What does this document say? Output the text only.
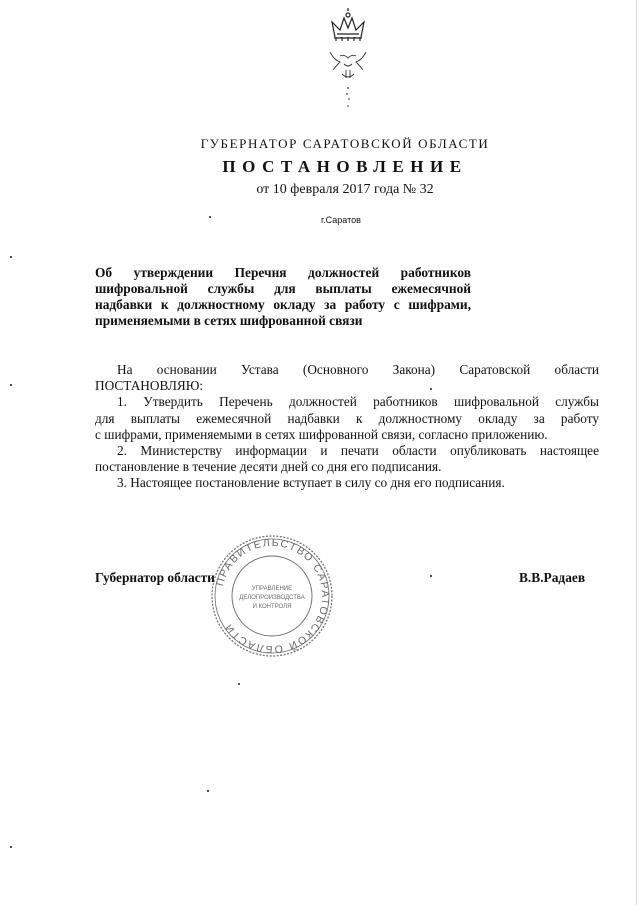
ГУБЕРНАТОР САРАТОВСКОЙ ОБЛАСТИ
ПОСТАНОВЛЕНИЕ
от 10 февраля 2017 года № 32
г.Саратов
Об утверждении Перечня должностей работников
шифровальной службы для выплаты ежемесячной
надбавки к должностному окладу за работу с шифрами,
применяемыми в сетях шифрованной связи
На основании Устава (Основного Закона) Саратовской области
ПОСТАНОВЛЯЮ:
1. Утвердить Перечень должностей работников шифровальной службы
для выплаты ежемесячной надбавки к должностному окладу за работу
с шифрами, применяемыми в сетях шифрованной связи, согласно приложению.
2. Министерству информации и печати области опубликовать настоящее
постановление в течение десяти дней со дня его подписания.
3. Настоящее постановление вступает в силу со дня его подписания.
ПРАВИТЕЛЬСТВО САРАТОВСКОЙ ОБЛАСТИ
УПРАВЛЕНИЕ
ДЕЛОПРОИЗВОДСТВА
И КОНТРОЛЯ
Губернатор области	В.В.Радаев
